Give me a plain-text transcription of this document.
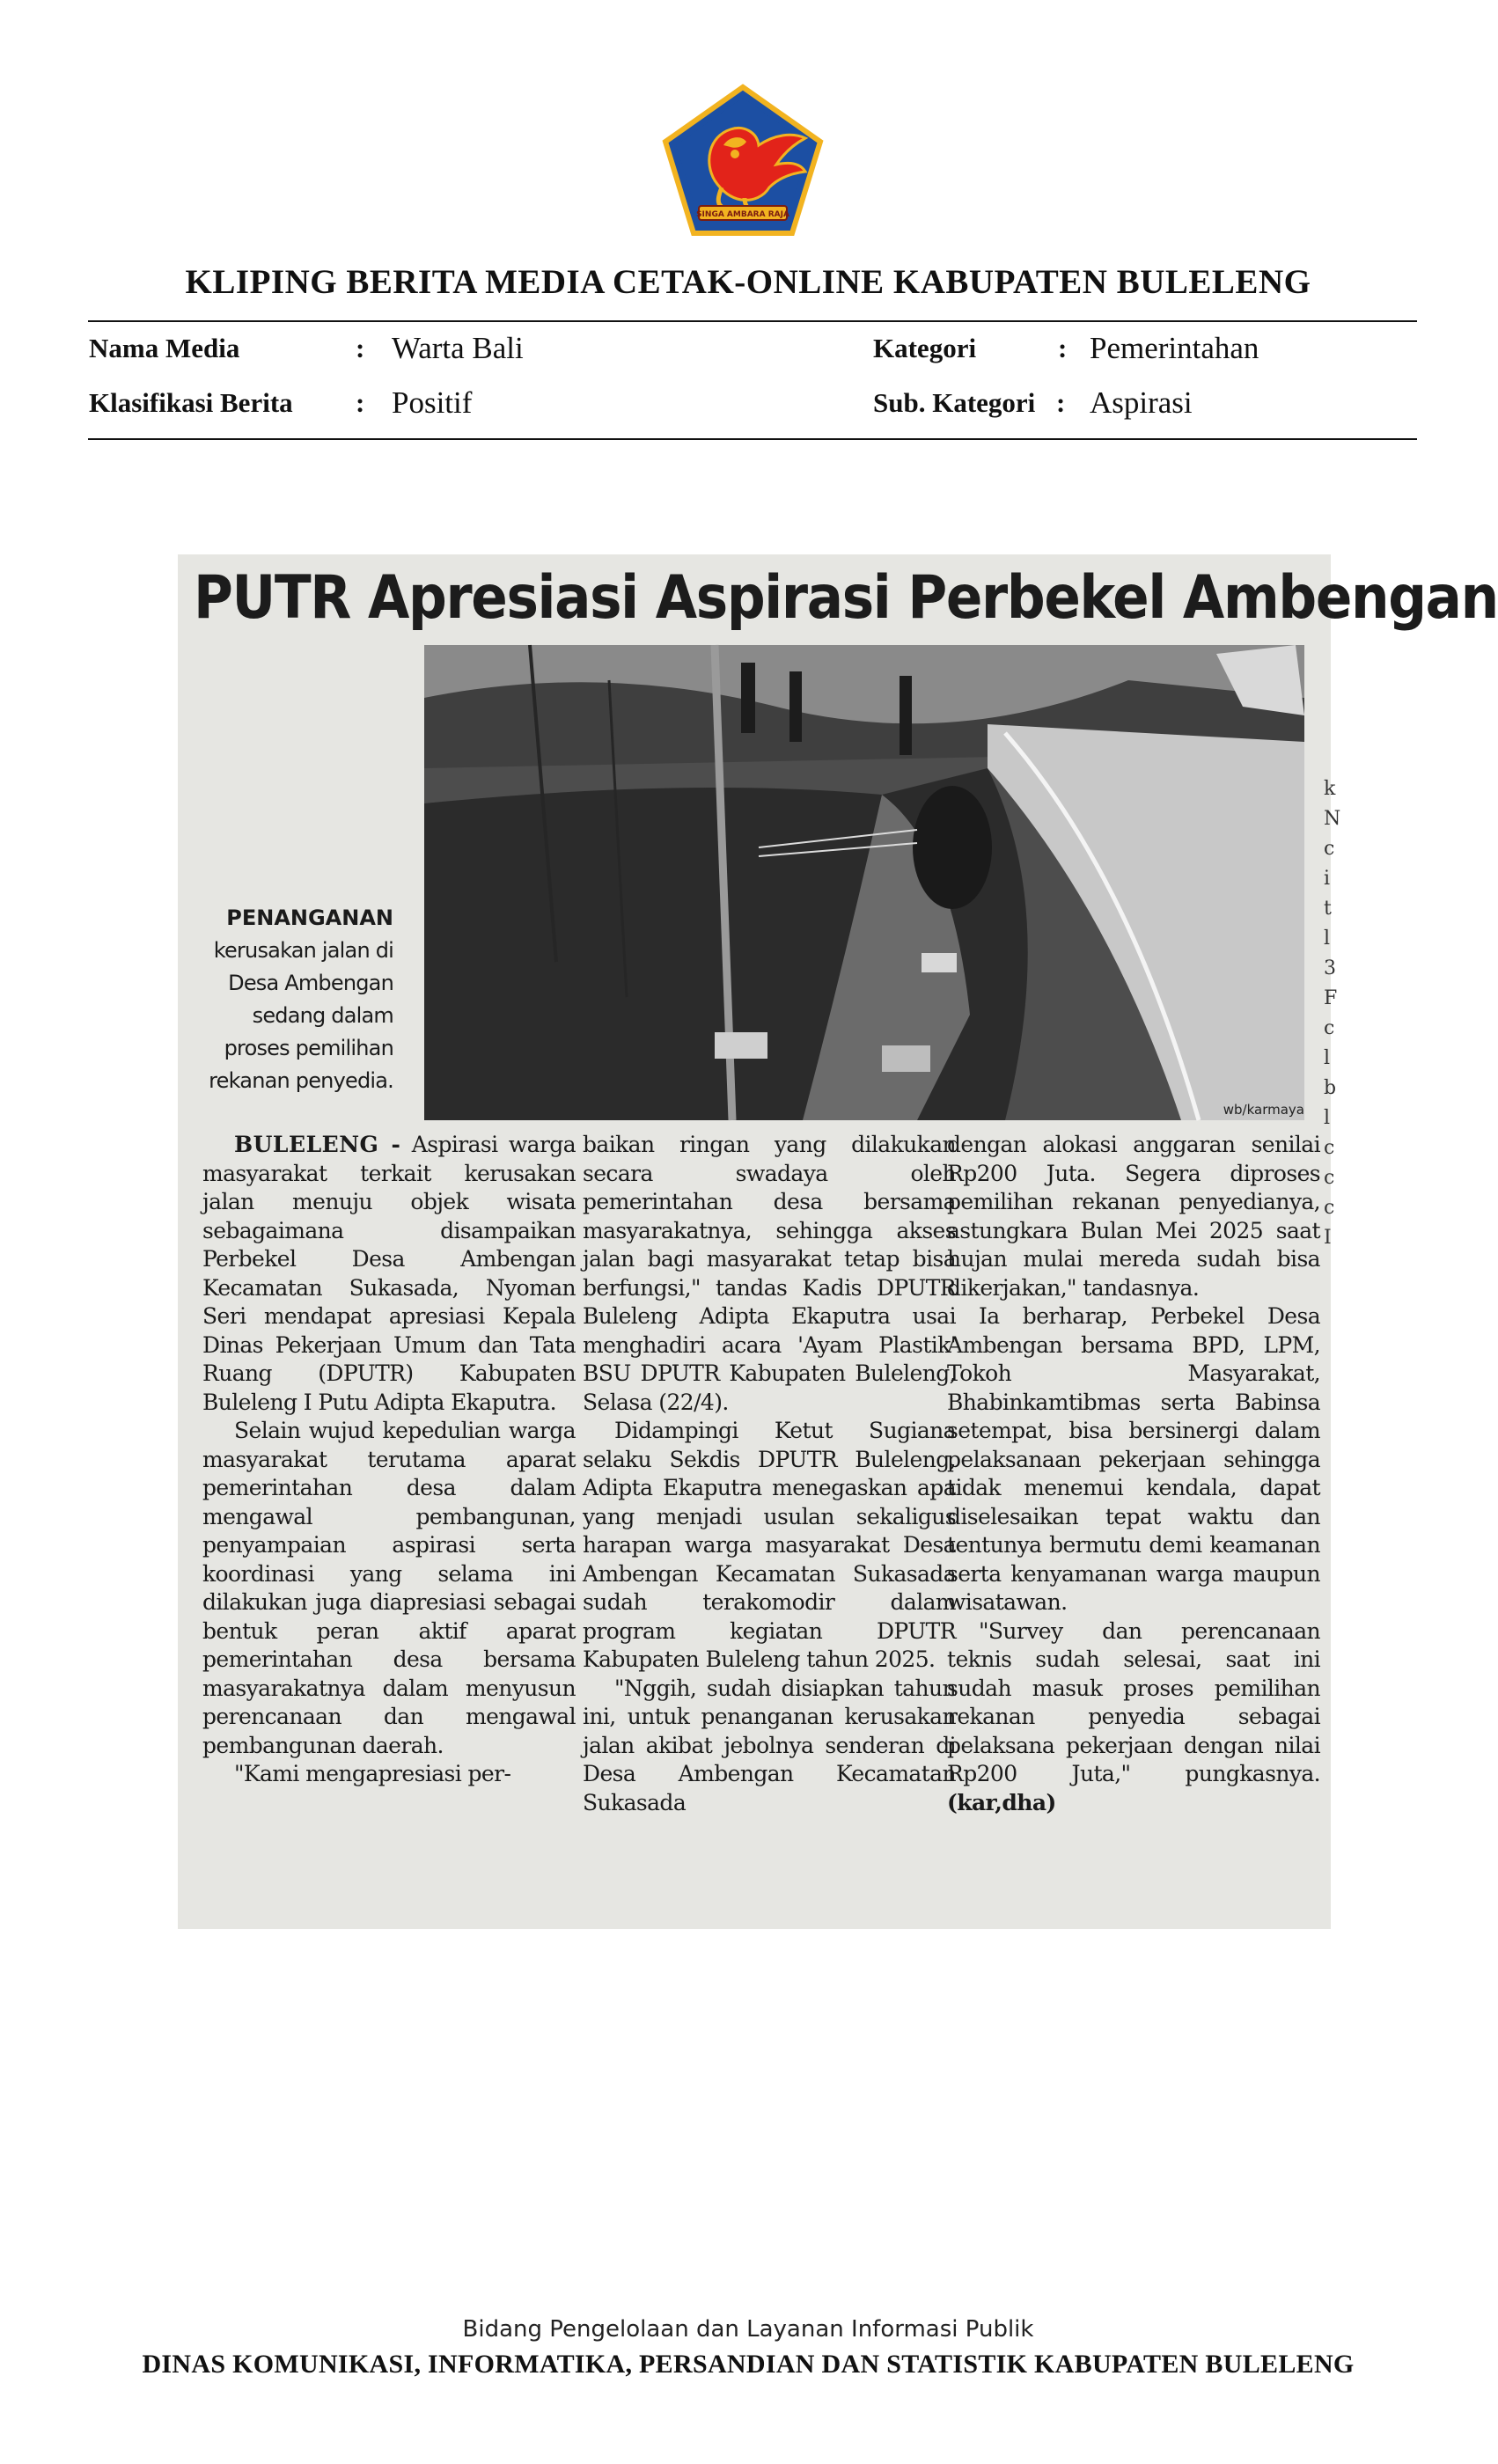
SINGA AMBARA RAJA
KLIPING BERITA MEDIA CETAK-ONLINE KABUPATEN BULELENG
Nama Media	: Warta Bali	Kategori	: Pemerintahan
Klasifikasi Berita : Positif	Sub. Kategori : Aspirasi
PUTR Apresiasi Aspirasi Perbekel Ambengan
wb/karmaya
PENANGANAN
kerusakan jalan di Desa Ambengan sedang dalam proses pemilihan rekanan penyedia.
k N c i t l 3 F c l b l c c c I

BULELENG - Aspirasi warga masyarakat terkait kerusakan jalan menuju objek wisata sebagaimana disampaikan Perbekel Desa Ambengan Kecamatan Sukasada, Nyoman Seri mendapat apresiasi Kepala Dinas Pekerjaan Umum dan Tata Ruang (DPUTR) Kabupaten Buleleng I Putu Adipta Ekaputra.

Selain wujud kepedulian warga masyarakat terutama aparat pemerintahan desa dalam mengawal pembangunan, penyampaian aspirasi serta koordinasi yang selama ini dilakukan juga diapresiasi sebagai bentuk peran aktif aparat pemerintahan desa bersama masyarakatnya dalam menyusun perencanaan dan mengawal pembangunan daerah.

"Kami mengapresiasi per-

baikan ringan yang dilakukan secara swadaya oleh pemerintahan desa bersama masyarakatnya, sehingga akses jalan bagi masyarakat tetap bisa berfungsi," tandas Kadis DPUTR Buleleng Adipta Ekaputra usai menghadiri acara 'Ayam Plastik' BSU DPUTR Kabupaten Buleleng, Selasa (22/4).

Didampingi Ketut Sugiana selaku Sekdis DPUTR Buleleng, Adipta Ekaputra menegaskan apa yang menjadi usulan sekaligus harapan warga masyarakat Desa Ambengan Kecamatan Sukasada sudah terakomodir dalam program kegiatan DPUTR Kabupaten Buleleng tahun 2025.

"Nggih, sudah disiapkan tahun ini, untuk penanganan kerusakan jalan akibat jebolnya senderan di Desa Ambengan Kecamatan Sukasada

dengan alokasi anggaran senilai Rp200 Juta. Segera diproses pemilihan rekanan penyedianya, astungkara Bulan Mei 2025 saat hujan mulai mereda sudah bisa dikerjakan," tandasnya.

Ia berharap, Perbekel Desa Ambengan bersama BPD, LPM, Tokoh Masyarakat, Bhabinkamtibmas serta Babinsa setempat, bisa bersinergi dalam pelaksanaan pekerjaan sehingga tidak menemui kendala, dapat diselesaikan tepat waktu dan tentunya bermutu demi keamanan serta kenyamanan warga maupun wisatawan.

"Survey dan perencanaan teknis sudah selesai, saat ini sudah masuk proses pemilihan rekanan penyedia sebagai pelaksana pekerjaan dengan nilai Rp200 Juta," pungkasnya. (kar,dha)

Bidang Pengelolaan dan Layanan Informasi Publik
DINAS KOMUNIKASI, INFORMATIKA, PERSANDIAN DAN STATISTIK KABUPATEN BULELENG
